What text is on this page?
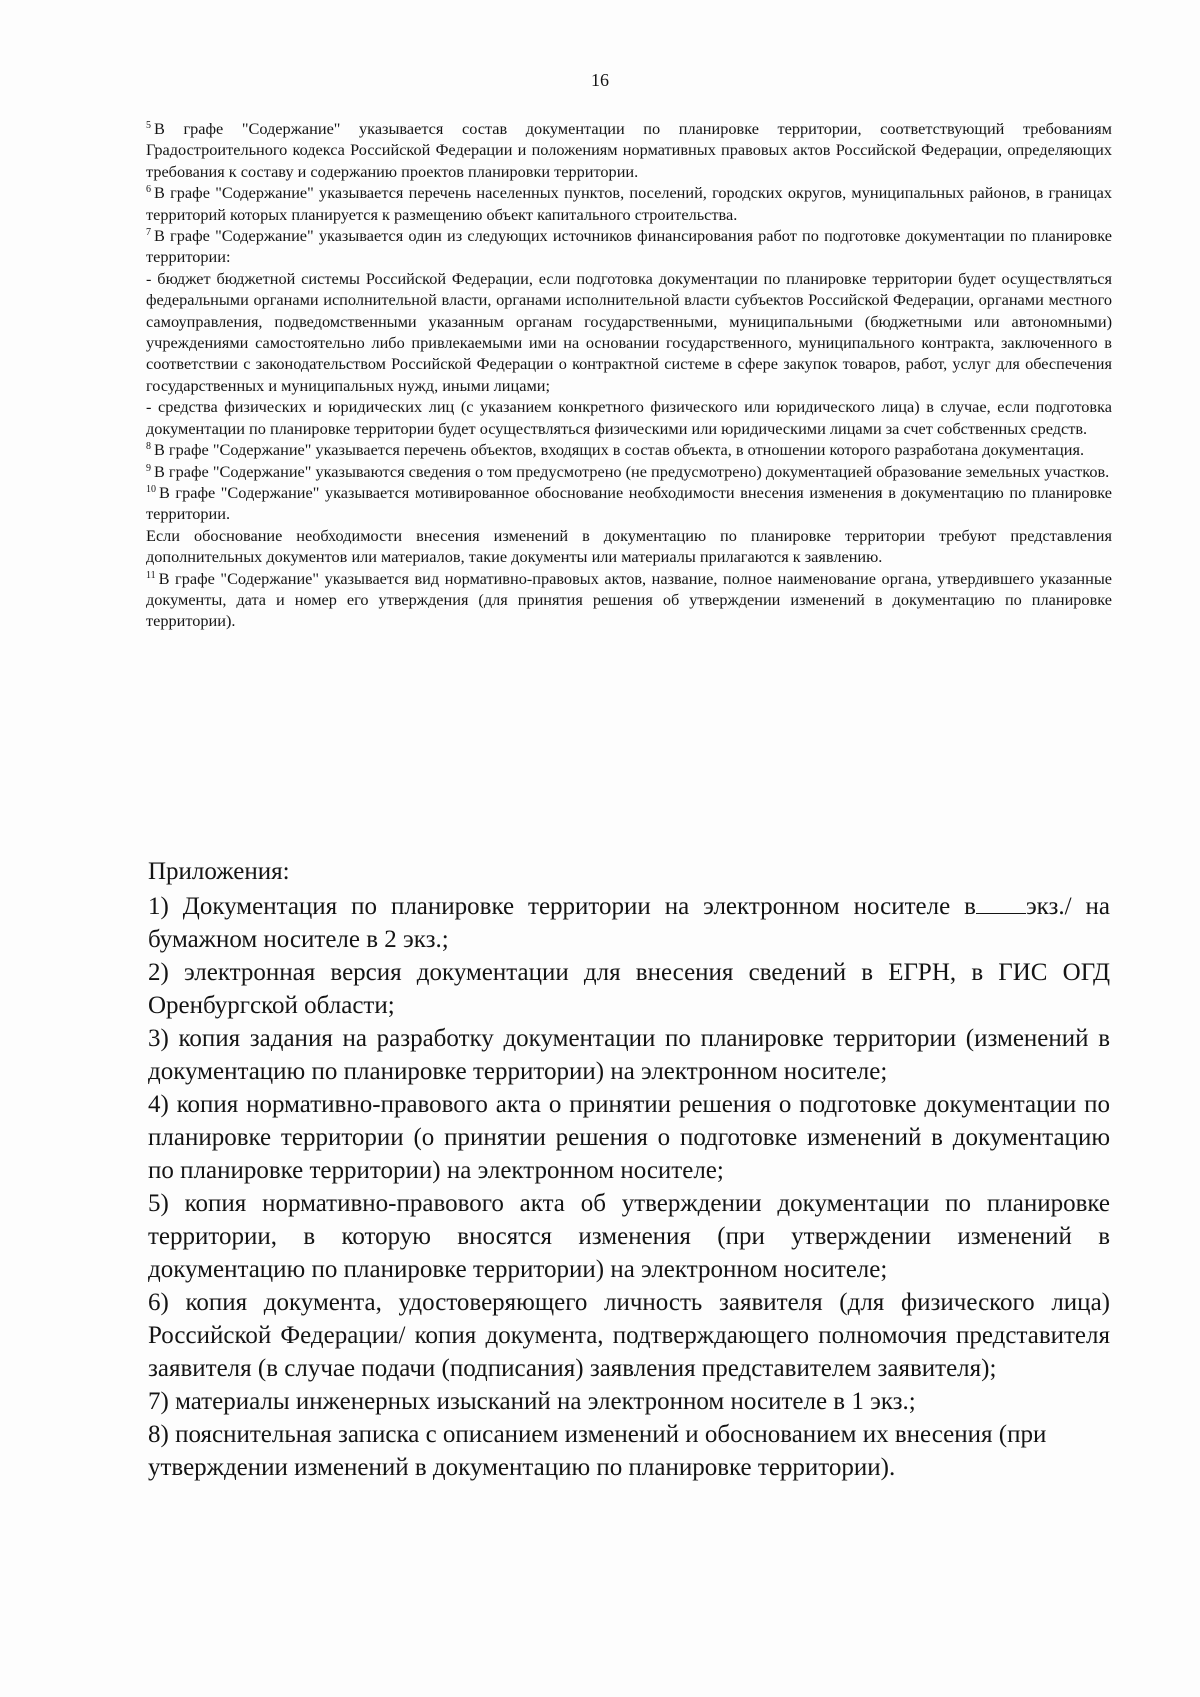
16

$^5$ В графе "Содержание" указывается состав документации по планировке территории, соответствующий требованиям Градостроительного кодекса Российской Федерации и положениям нормативных правовых актов Российской Федерации, определяющих требования к составу и содержанию проектов планировки территории.

$^6$ В графе "Содержание" указывается перечень населенных пунктов, поселений, городских округов, муниципальных районов, в границах территорий которых планируется к размещению объект капитального строительства.

$^7$ В графе "Содержание" указывается один из следующих источников финансирования работ по подготовке документации по планировке территории:

- бюджет бюджетной системы Российской Федерации, если подготовка документации по планировке территории будет осуществляться федеральными органами исполнительной власти, органами исполнительной власти субъектов Российской Федерации, органами местного самоуправления, подведомственными указанным органам государственными, муниципальными (бюджетными или автономными) учреждениями самостоятельно либо привлекаемыми ими на основании государственного, муниципального контракта, заключенного в соответствии с законодательством Российской Федерации о контрактной системе в сфере закупок товаров, работ, услуг для обеспечения государственных и муниципальных нужд, иными лицами;

- средства физических и юридических лиц (с указанием конкретного физического или юридического лица) в случае, если подготовка документации по планировке территории будет осуществляться физическими или юридическими лицами за счет собственных средств.

$^8$ В графе "Содержание" указывается перечень объектов, входящих в состав объекта, в отношении которого разработана документация.

$^9$ В графе "Содержание" указываются сведения о том предусмотрено (не предусмотрено) документацией образование земельных участков.

$^{10}$ В графе "Содержание" указывается мотивированное обоснование необходимости внесения изменения в документацию по планировке территории.

Если обоснование необходимости внесения изменений в документацию по планировке территории требуют представления дополнительных документов или материалов, такие документы или материалы прилагаются к заявлению.

$^{11}$ В графе "Содержание" указывается вид нормативно-правовых актов, название, полное наименование органа, утвердившего указанные документы, дата и номер его утверждения (для принятия решения об утверждении изменений в документацию по планировке территории).

Приложения:

1) Документация по планировке территории на электронном носителе в экз./ на бумажном носителе в 2 экз.;

2) электронная версия документации для внесения сведений в ЕГРН, в ГИС ОГД Оренбургской области;

3) копия задания на разработку документации по планировке территории (изменений в документацию по планировке территории) на электронном носителе;

4) копия нормативно-правового акта о принятии решения о подготовке документации по планировке территории (о принятии решения о подготовке изменений в документацию по планировке территории) на электронном носителе;

5) копия нормативно-правового акта об утверждении документации по планировке территории, в которую вносятся изменения (при утверждении изменений в документацию по планировке территории) на электронном носителе;

6) копия документа, удостоверяющего личность заявителя (для физического лица) Российской Федерации/ копия документа, подтверждающего полномочия представителя заявителя (в случае подачи (подписания) заявления представителем заявителя);

7) материалы инженерных изысканий на электронном носителе в 1 экз.;

8) пояснительная записка с описанием изменений и обоснованием их внесения (при утверждении изменений в документацию по планировке территории).
